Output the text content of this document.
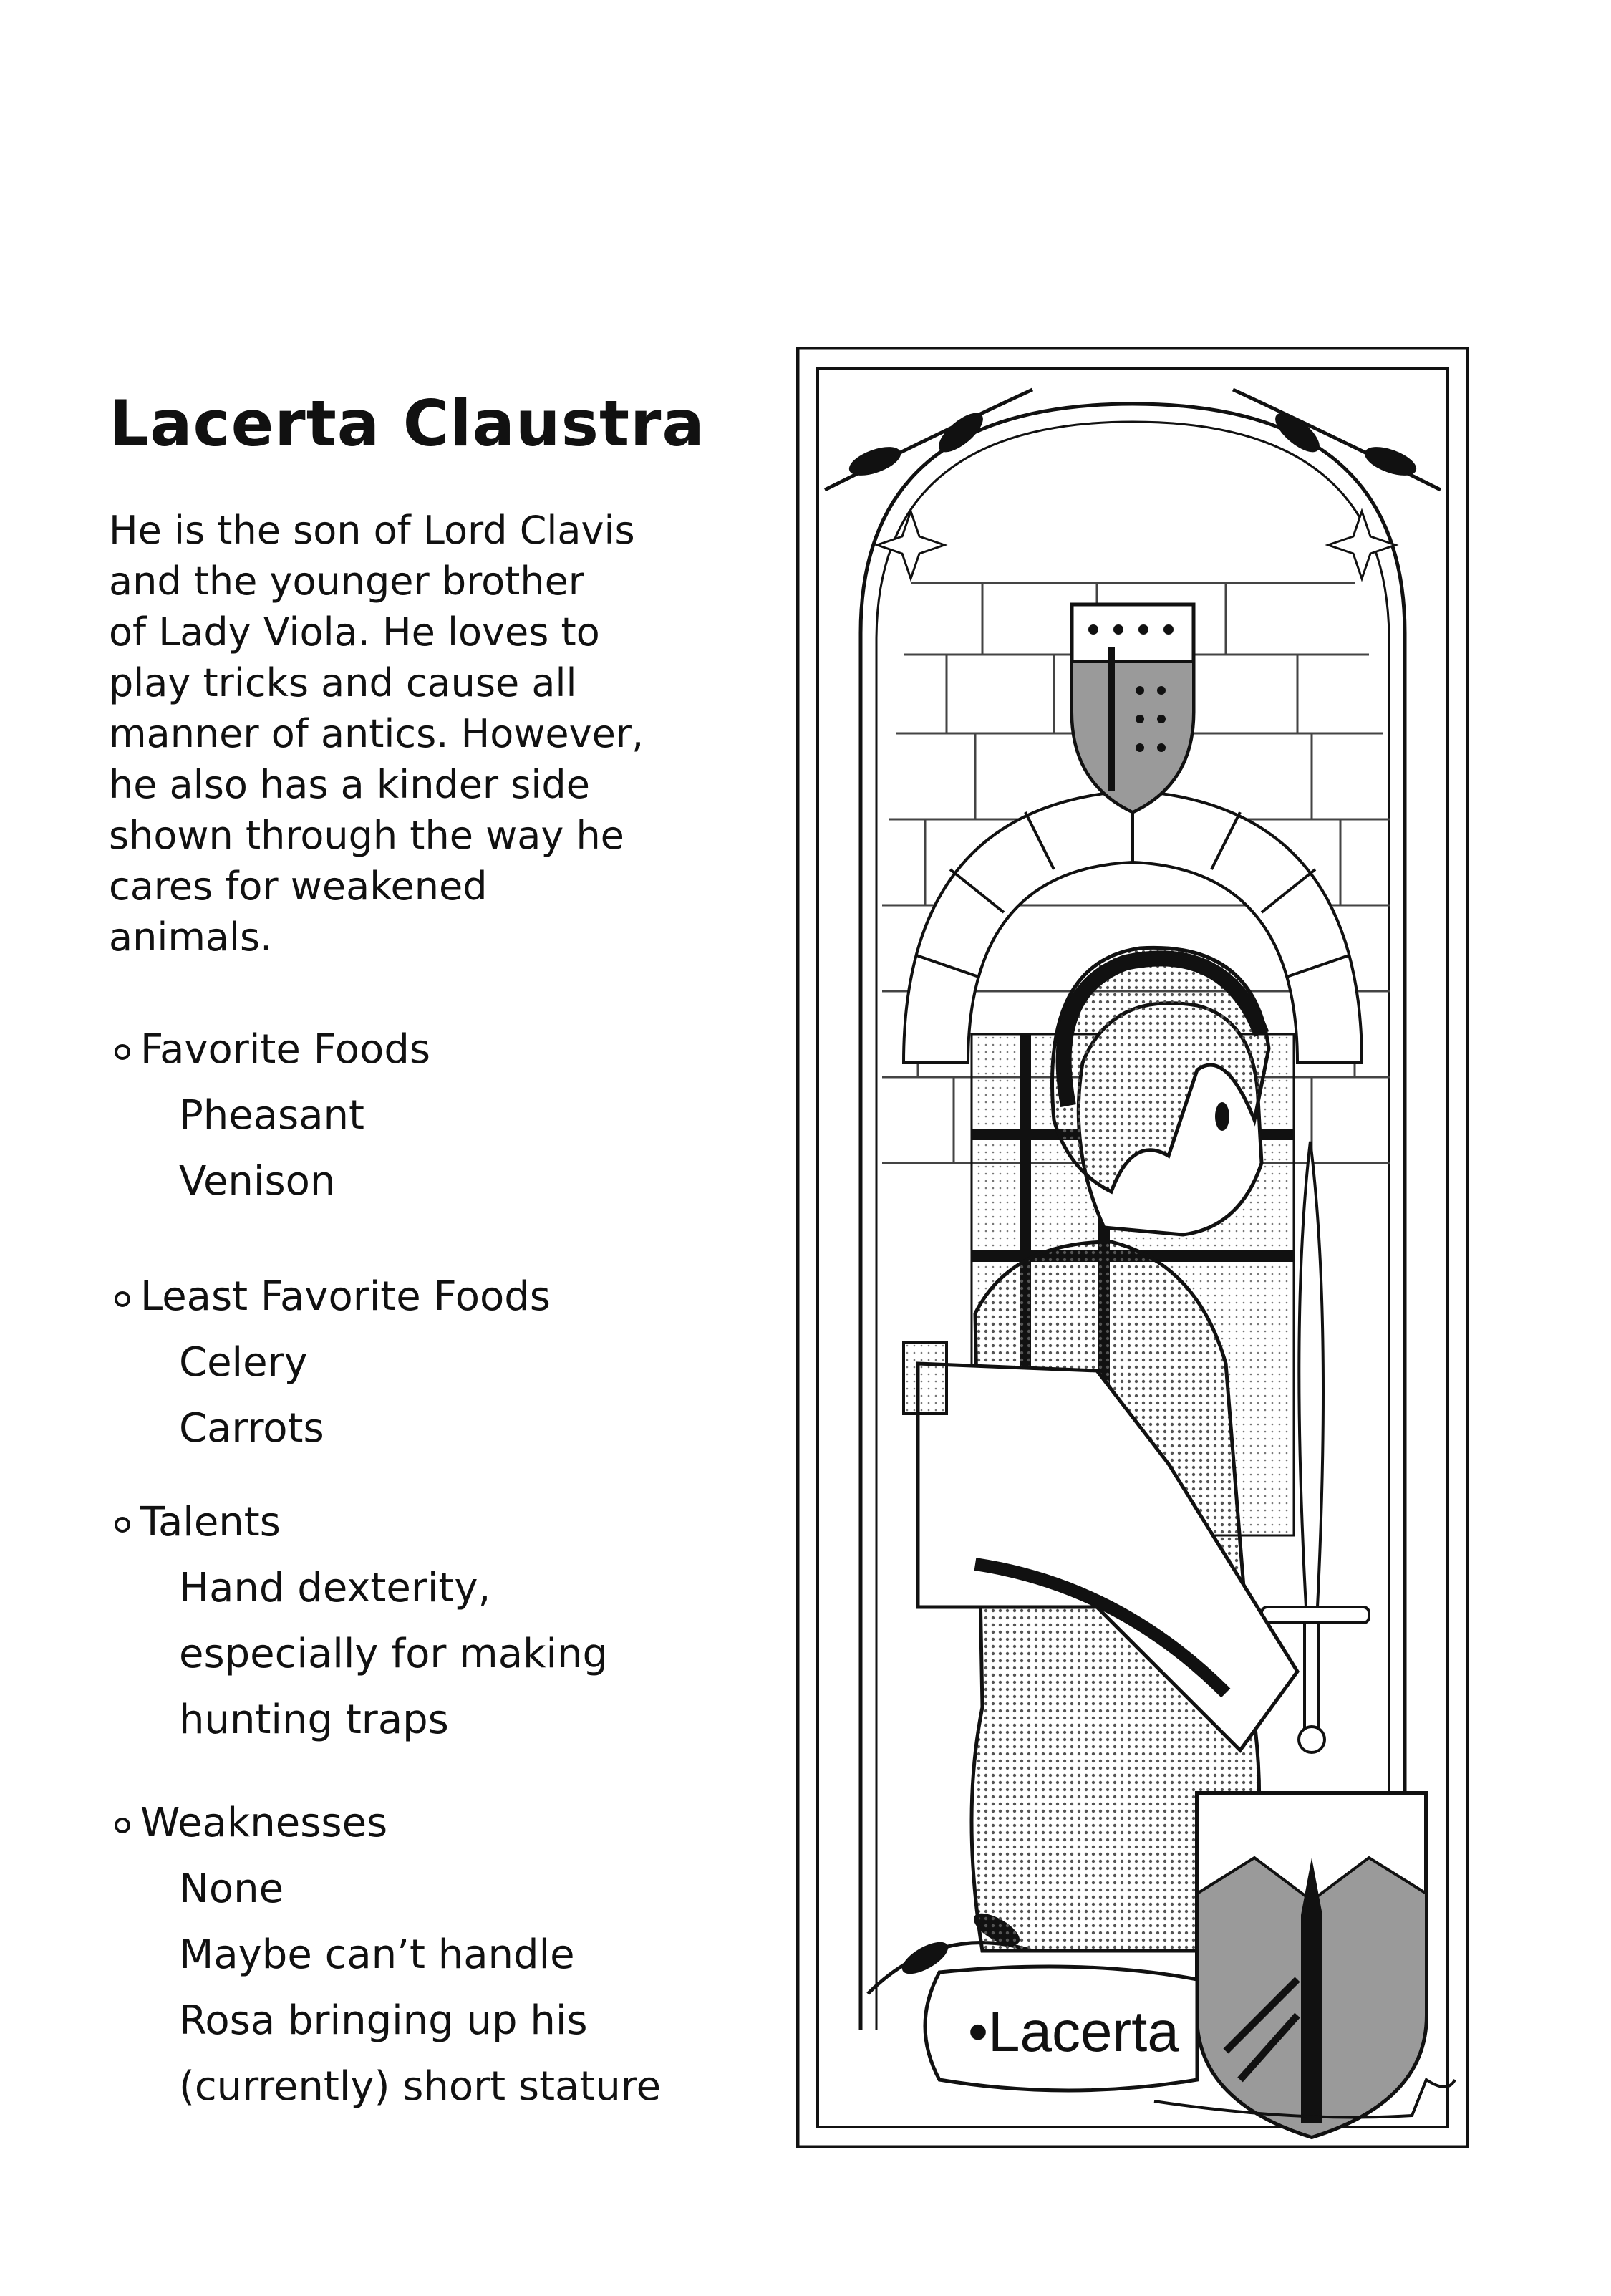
Lacerta Claustra
He is the son of Lord Clavis
and the younger brother
of Lady Viola. He loves to
play tricks and cause all
manner of antics. However,
he also has a kinder side
shown through the way he
cares for weakened
animals.
Favorite Foods
Pheasant
Venison
Least Favorite Foods
Celery
Carrots
Talents
Hand dexterity,
especially for making
hunting traps
Weaknesses
None
Maybe can’t handle
Rosa bringing up his
(currently) short stature
•Lacerta
